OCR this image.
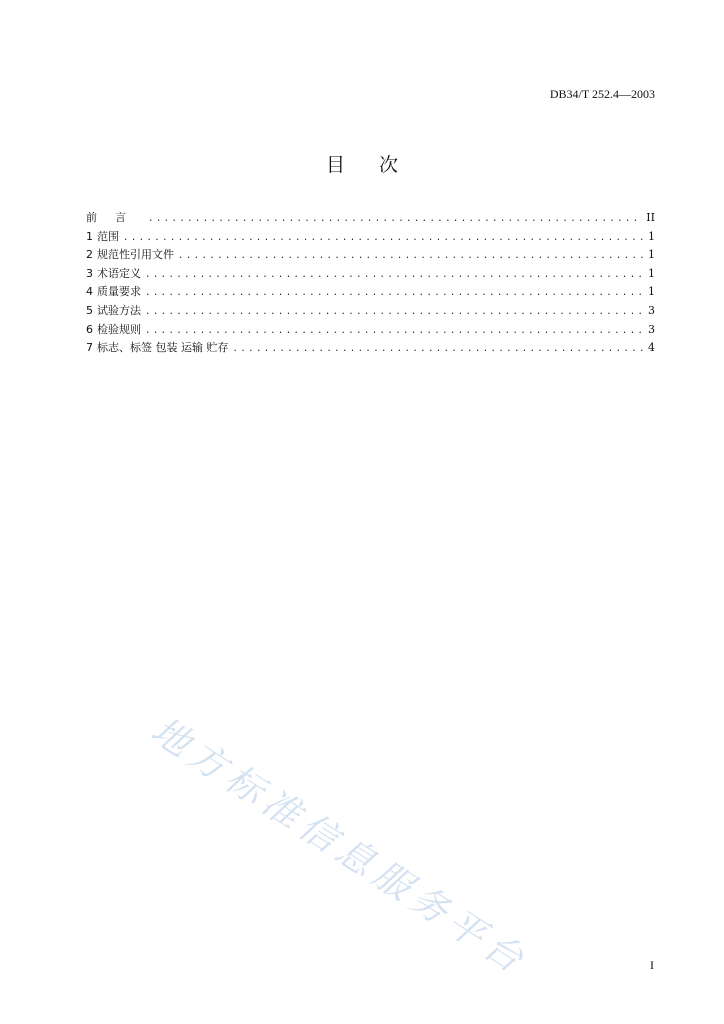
DB34/T 252.4—2003
目次
前言 .....	II
1 范围 .....	1
2 规范性引用文件 .....	1
3 术语定义 .....	1
4 质量要求 .....	1
5 试验方法 .....	3
6 检验规则 .....	3
7 标志、标签 包装 运输 贮存 .....	4
地方标准信息服务平台	I
